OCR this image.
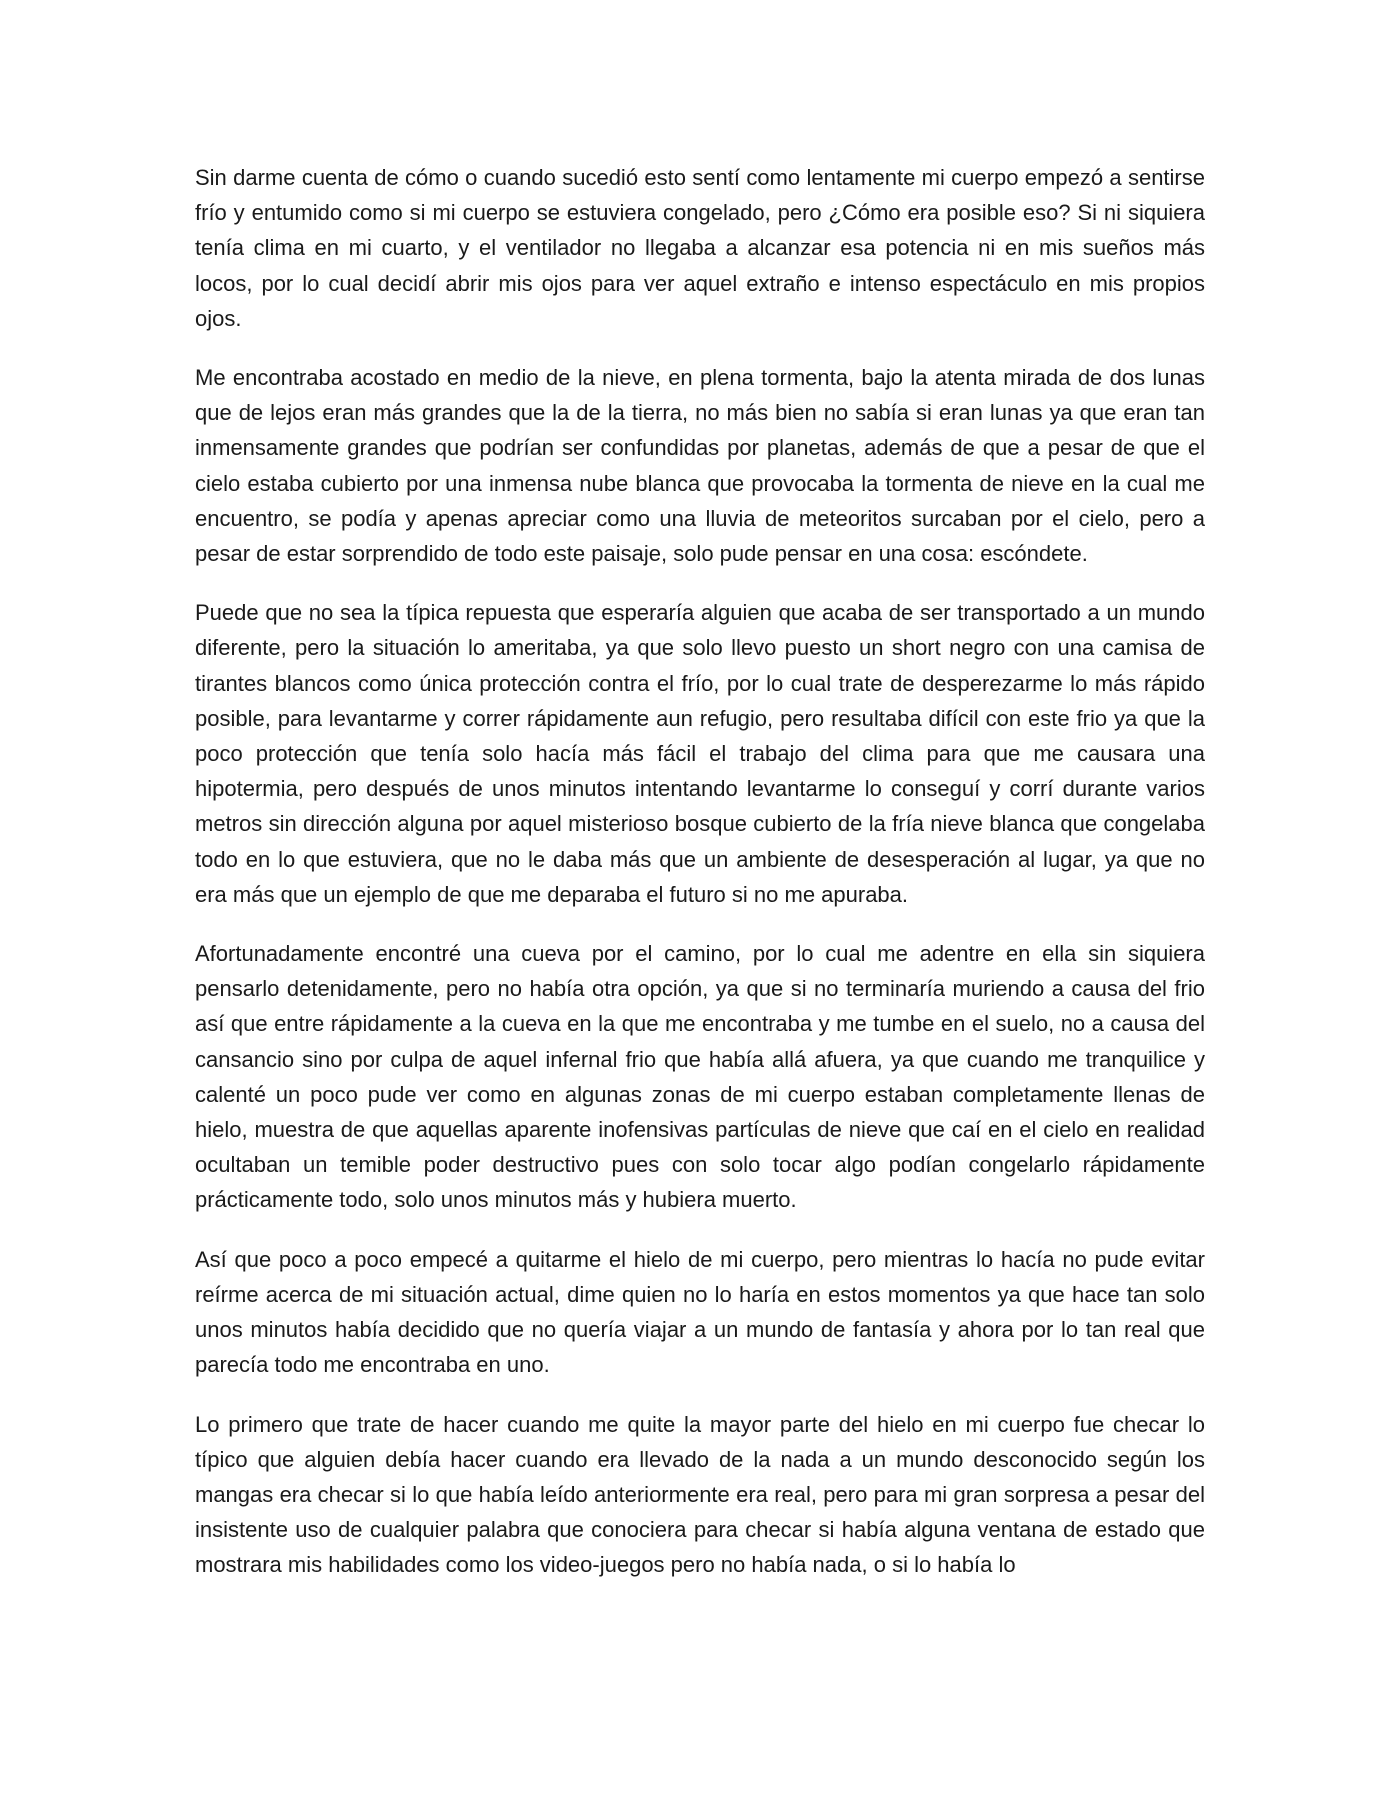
Sin darme cuenta de cómo o cuando sucedió esto sentí como lentamente mi cuerpo empezó a sentirse frío y entumido como si mi cuerpo se estuviera congelado, pero ¿Cómo era posible eso? Si ni siquiera tenía clima en mi cuarto, y el ventilador no llegaba a alcanzar esa potencia ni en mis sueños más locos, por lo cual decidí abrir mis ojos para ver aquel extraño e intenso espectáculo en mis propios ojos.

Me encontraba acostado en medio de la nieve, en plena tormenta, bajo la atenta mirada de dos lunas que de lejos eran más grandes que la de la tierra, no más bien no sabía si eran lunas ya que eran tan inmensamente grandes que podrían ser confundidas por planetas, además de que a pesar de que el cielo estaba cubierto por una inmensa nube blanca que provocaba la tormenta de nieve en la cual me encuentro, se podía y apenas apreciar como una lluvia de meteoritos surcaban por el cielo, pero a pesar de estar sorprendido de todo este paisaje, solo pude pensar en una cosa: escóndete.

Puede que no sea la típica repuesta que esperaría alguien que acaba de ser transportado a un mundo diferente, pero la situación lo ameritaba, ya que solo llevo puesto un short negro con una camisa de tirantes blancos como única protección contra el frío, por lo cual trate de desperezarme lo más rápido posible, para levantarme y correr rápidamente aun refugio, pero resultaba difícil con este frio ya que la poco protección que tenía solo hacía más fácil el trabajo del clima para que me causara una hipotermia, pero después de unos minutos intentando levantarme lo conseguí y corrí durante varios metros sin dirección alguna por aquel misterioso bosque cubierto de la fría nieve blanca que congelaba todo en lo que estuviera, que no le daba más que un ambiente de desesperación al lugar, ya que no era más que un ejemplo de que me deparaba el futuro si no me apuraba.

Afortunadamente encontré una cueva por el camino, por lo cual me adentre en ella sin siquiera pensarlo detenidamente, pero no había otra opción, ya que si no terminaría muriendo a causa del frio así que entre rápidamente a la cueva en la que me encontraba y me tumbe en el suelo, no a causa del cansancio sino por culpa de aquel infernal frio que había allá afuera, ya que cuando me tranquilice y calenté un poco pude ver como en algunas zonas de mi cuerpo estaban completamente llenas de hielo, muestra de que aquellas aparente inofensivas partículas de nieve que caí en el cielo en realidad ocultaban un temible poder destructivo pues con solo tocar algo podían congelarlo rápidamente prácticamente todo, solo unos minutos más y hubiera muerto.

Así que poco a poco empecé a quitarme el hielo de mi cuerpo, pero mientras lo hacía no pude evitar reírme acerca de mi situación actual, dime quien no lo haría en estos momentos ya que hace tan solo unos minutos había decidido que no quería viajar a un mundo de fantasía y ahora por lo tan real que parecía todo me encontraba en uno.

Lo primero que trate de hacer cuando me quite la mayor parte del hielo en mi cuerpo fue checar lo típico que alguien debía hacer cuando era llevado de la nada a un mundo desconocido según los mangas era checar si lo que había leído anteriormente era real, pero para mi gran sorpresa a pesar del insistente uso de cualquier palabra que conociera para checar si había alguna ventana de estado que mostrara mis habilidades como los video-juegos pero no había nada, o si lo había lo
